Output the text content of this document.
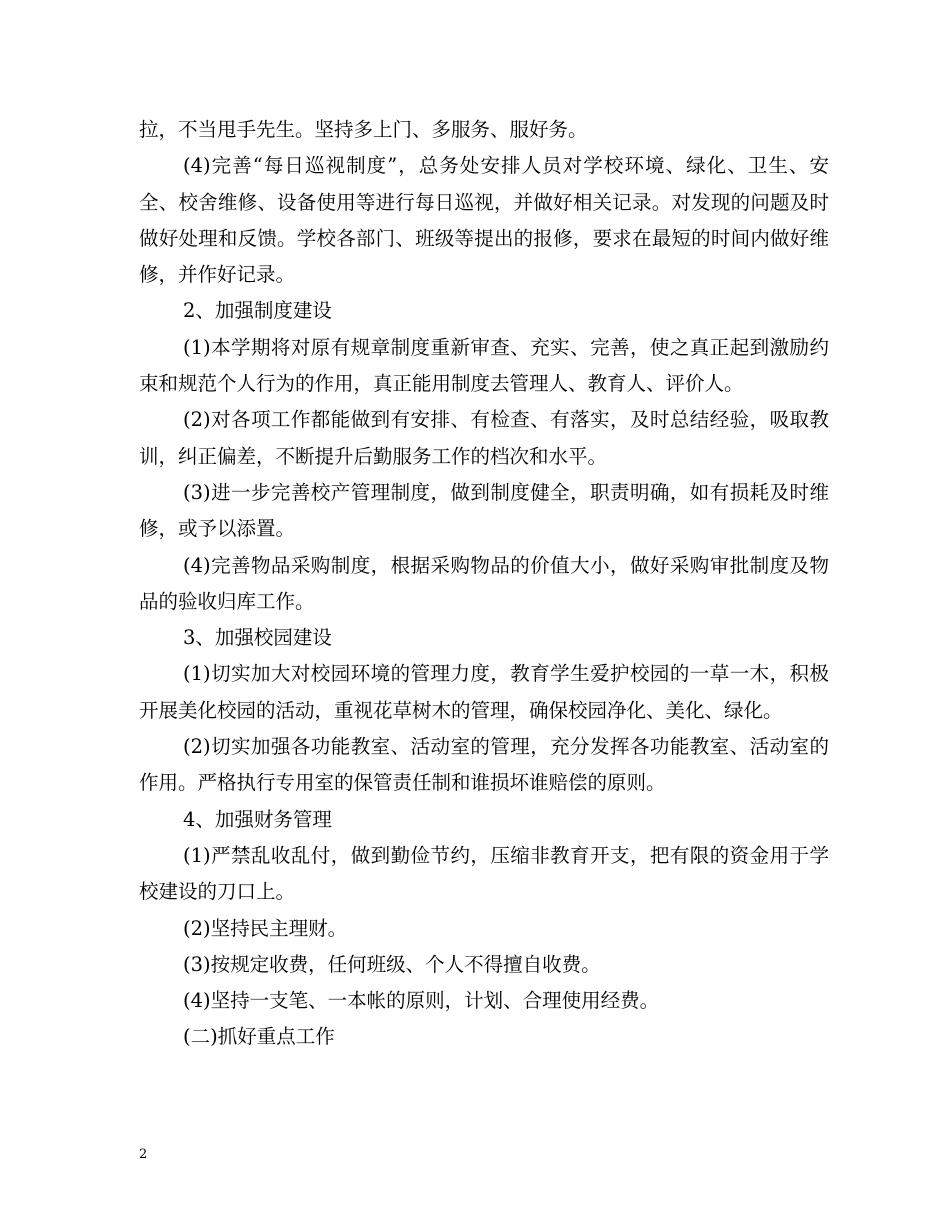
拉，不当甩手先生。坚持多上门、多服务、服好务。

(4)完善“每日巡视制度”，总务处安排人员对学校环境、绿化、卫生、安全、校舍维修、设备使用等进行每日巡视，并做好相关记录。对发现的问题及时做好处理和反馈。学校各部门、班级等提出的报修，要求在最短的时间内做好维修，并作好记录。

2、加强制度建设

(1)本学期将对原有规章制度重新审查、充实、完善，使之真正起到激励约束和规范个人行为的作用，真正能用制度去管理人、教育人、评价人。

(2)对各项工作都能做到有安排、有检查、有落实，及时总结经验，吸取教训，纠正偏差，不断提升后勤服务工作的档次和水平。

(3)进一步完善校产管理制度，做到制度健全，职责明确，如有损耗及时维修，或予以添置。

(4)完善物品采购制度，根据采购物品的价值大小，做好采购审批制度及物品的验收归库工作。

3、加强校园建设

(1)切实加大对校园环境的管理力度，教育学生爱护校园的一草一木，积极开展美化校园的活动，重视花草树木的管理，确保校园净化、美化、绿化。

(2)切实加强各功能教室、活动室的管理，充分发挥各功能教室、活动室的作用。严格执行专用室的保管责任制和谁损坏谁赔偿的原则。

4、加强财务管理

(1)严禁乱收乱付，做到勤俭节约，压缩非教育开支，把有限的资金用于学校建设的刀口上。

(2)坚持民主理财。

(3)按规定收费，任何班级、个人不得擅自收费。

(4)坚持一支笔、一本帐的原则，计划、合理使用经费。

(二)抓好重点工作

2
